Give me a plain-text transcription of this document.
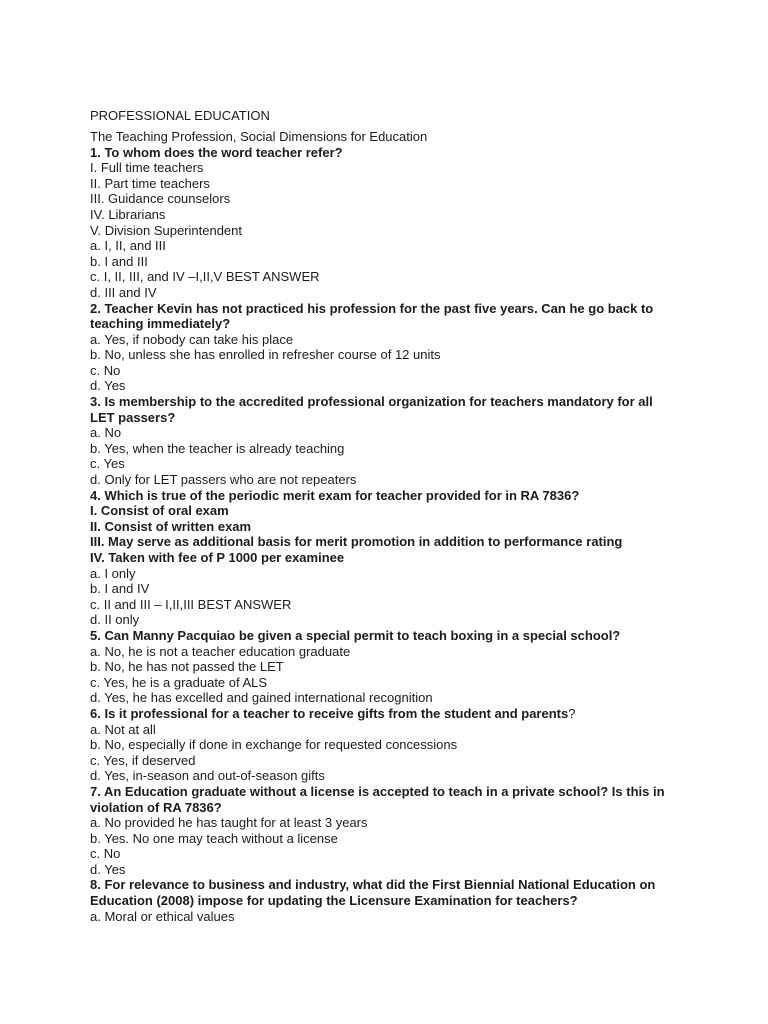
PROFESSIONAL EDUCATION
The Teaching Profession, Social Dimensions for Education
1. To whom does the word teacher refer?
I. Full time teachers
II. Part time teachers
III. Guidance counselors
IV. Librarians
V. Division Superintendent
a. I, II, and III
b. I and III
c. I, II, III, and IV –I,II,V BEST ANSWER
d. III and IV
2. Teacher Kevin has not practiced his profession for the past five years. Can he go back to
teaching immediately?
a. Yes, if nobody can take his place
b. No, unless she has enrolled in refresher course of 12 units
c. No
d. Yes
3. Is membership to the accredited professional organization for teachers mandatory for all
LET passers?
a. No
b. Yes, when the teacher is already teaching
c. Yes
d. Only for LET passers who are not repeaters
4. Which is true of the periodic merit exam for teacher provided for in RA 7836?
I. Consist of oral exam
II. Consist of written exam
III. May serve as additional basis for merit promotion in addition to performance rating
IV. Taken with fee of P 1000 per examinee
a. I only
b. I and IV
c. II and III – I,II,III BEST ANSWER
d. II only
5. Can Manny Pacquiao be given a special permit to teach boxing in a special school?
a. No, he is not a teacher education graduate
b. No, he has not passed the LET
c. Yes, he is a graduate of ALS
d. Yes, he has excelled and gained international recognition
6. Is it professional for a teacher to receive gifts from the student and parents?
a. Not at all
b. No, especially if done in exchange for requested concessions
c. Yes, if deserved
d. Yes, in-season and out-of-season gifts
7. An Education graduate without a license is accepted to teach in a private school? Is this in
violation of RA 7836?
a. No provided he has taught for at least 3 years
b. Yes. No one may teach without a license
c. No
d. Yes
8. For relevance to business and industry, what did the First Biennial National Education on
Education (2008) impose for updating the Licensure Examination for teachers?
a. Moral or ethical values
